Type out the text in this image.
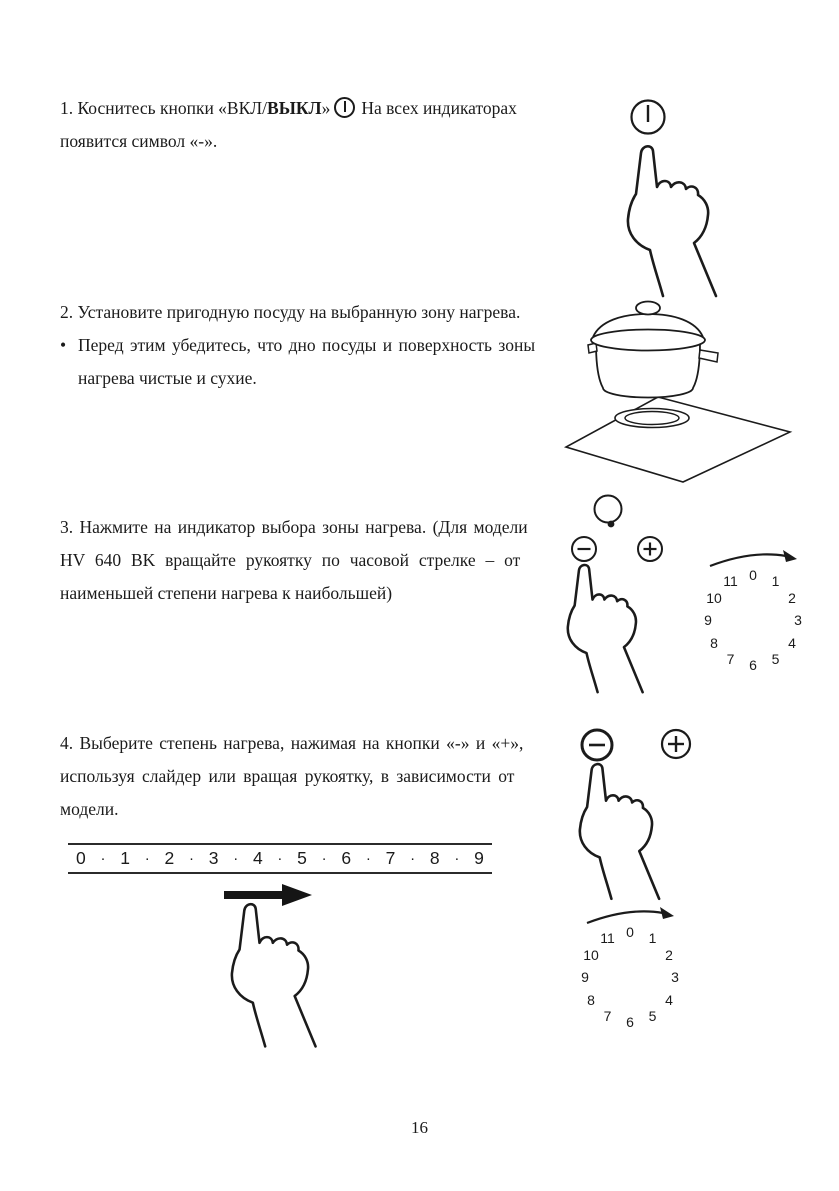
1. Коснитесь кнопки «ВКЛ/ВЫКЛ» На всех индикаторах
появится символ «-».
2. Установите пригодную посуду на выбранную зону нагрева.
• Перед этим убедитесь, что дно посуды и поверхность зоны
нагрева чистые и сухие.
3. Нажмите на индикатор выбора зоны нагрева. (Для модели
HV 640 BK вращайте рукоятку по часовой стрелке – от
наименьшей степени нагрева к наибольшей)
0 1
2
3
4
5
6
7
8
9
10
11
4. Выберите степень нагрева, нажимая на кнопки «-» и «+»,
используя слайдер или вращая рукоятку, в зависимости от
модели.
0 · 1 · 2 · 3 · 4 · 5 · 6 · 7 · 8 · 9
0 1
2
3
4
5
6
7
8
9
10
11
16
